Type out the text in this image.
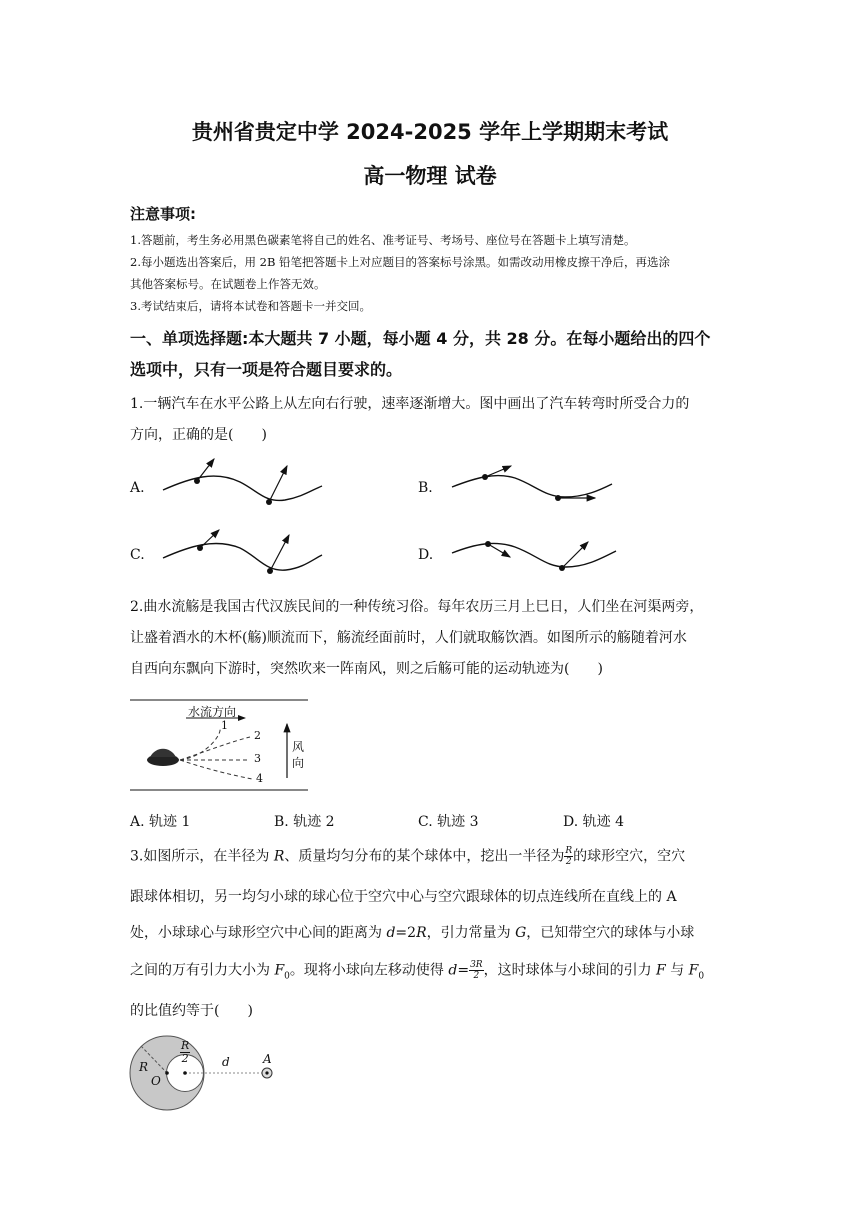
贵州省贵定中学 2024-2025 学年上学期期末考试
高一物理 试卷
注意事项:
1.答题前，考生务必用黑色碳素笔将自己的姓名、准考证号、考场号、座位号在答题卡上填写清楚。
2.每小题选出答案后，用 2B 铅笔把答题卡上对应题目的答案标号涂黑。如需改动用橡皮擦干净后，再选涂
其他答案标号。在试题卷上作答无效。
3.考试结束后，请将本试卷和答题卡一并交回。
一、单项选择题:本大题共 7 小题，每小题 4 分，共 28 分。在每小题给出的四个
选项中，只有一项是符合题目要求的。
1.一辆汽车在水平公路上从左向右行驶，速率逐渐增大。图中画出了汽车转弯时所受合力的
方向，正确的是(　　)
A.	B.
C.	D.
水流方向
风
向
1
2
3
4
2.曲水流觞是我国古代汉族民间的一种传统习俗。每年农历三月上巳日，人们坐在河渠两旁，
让盛着酒水的木杯(觞)顺流而下，觞流经面前时，人们就取觞饮酒。如图所示的觞随着河水
自西向东飘向下游时，突然吹来一阵南风，则之后觞可能的运动轨迹为(　　)
A. 轨迹 1	B. 轨迹 2	C. 轨迹 3	D. 轨迹 4
3.如图所示，在半径为 R、质量均匀分布的某个球体中，挖出一半径为 $\frac{R}{2}$ 的球形空穴，空穴
跟球体相切，另一均匀小球的球心位于空穴中心与空穴跟球体的切点连线所在直线上的 A
处，小球球心与球形空穴中心间的距离为 d=2R，引力常量为 G，已知带空穴的球体与小球
之间的万有引力大小为 $F_0$。现将小球向左移动使得 $d= \frac{3R}{2}$ ，这时球体与小球间的引力 F 与 $F_0$
的比值约等于(　　)
R
O
$\frac{R}{2}$	d	A
